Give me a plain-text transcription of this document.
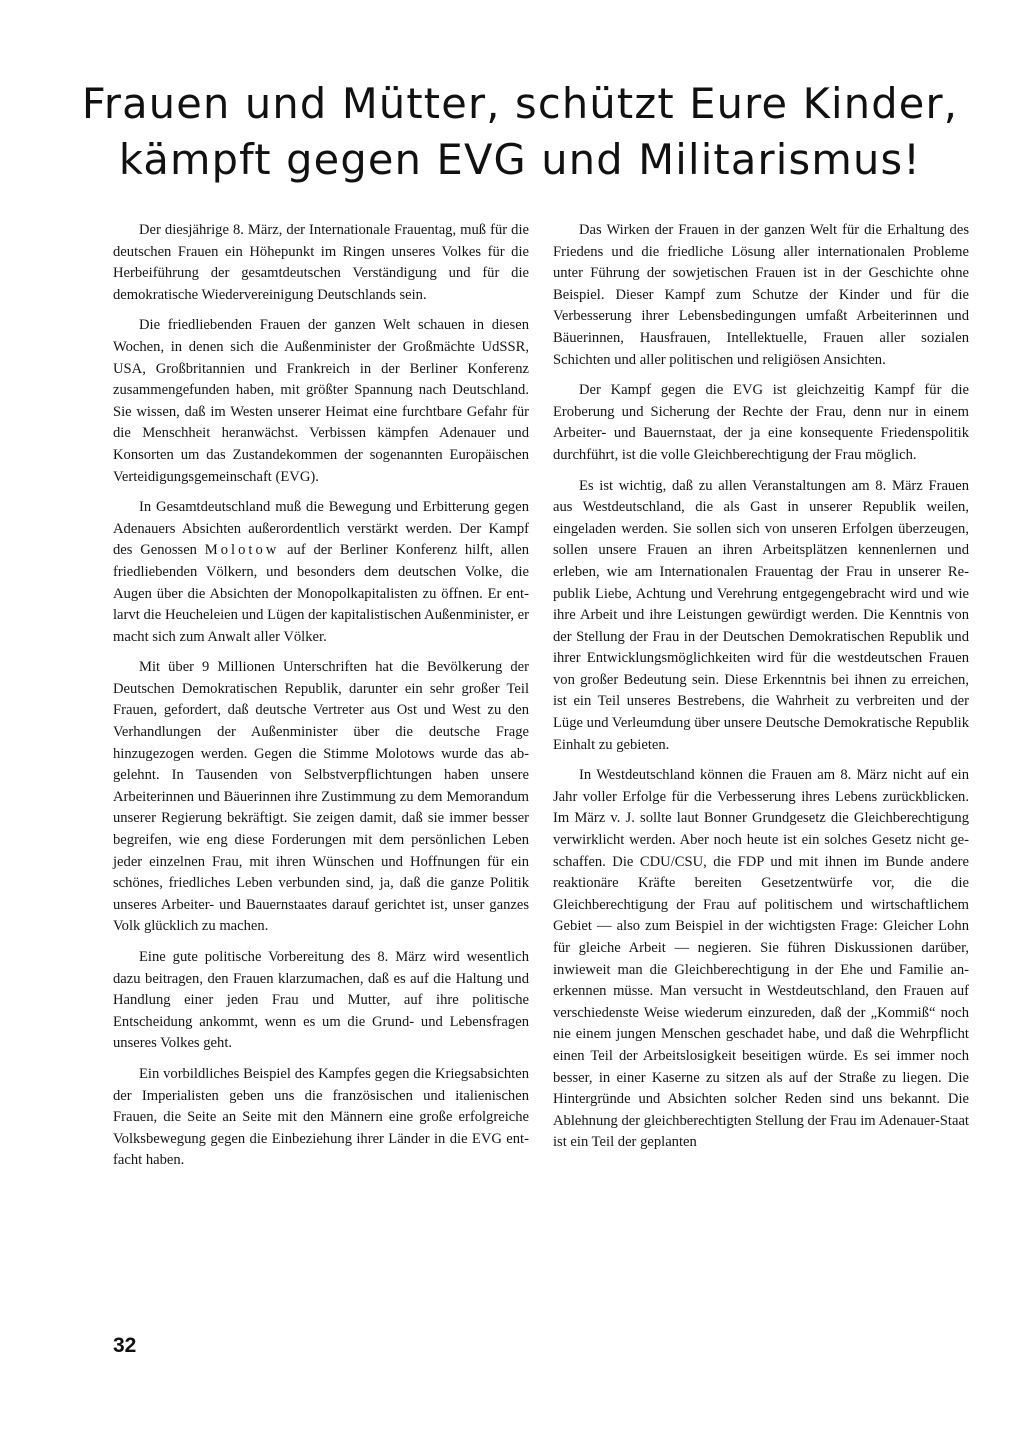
Frauen und Mütter, schützt Eure Kinder,
kämpft gegen EVG und Militarismus!

Der diesjährige 8. März, der Internationale Frauentag, muß für die deutschen Frauen ein Höhepunkt im Ringen unseres Volkes für die Herbeiführung der gesamtdeutschen Verständigung und für die demokratische Wiedervereinigung Deutschlands sein.

Die friedliebenden Frauen der ganzen Welt schauen in diesen Wochen, in denen sich die Außenminister der Großmächte UdSSR, USA, Großbritannien und Frankreich in der Berliner Konferenz zusammengefunden haben, mit größter Spannung nach Deutschland. Sie wissen, daß im Westen unserer Heimat eine furchtbare Gefahr für die Menschheit heranwächst. Verbissen kämpfen Adenauer und Konsorten um das Zustandekommen der sogenannten Europäischen Verteidigungsgemeinschaft (EVG).

In Gesamtdeutschland muß die Bewegung und Erbitterung gegen Adenauers Absichten außerordentlich verstärkt werden. Der Kampf des Genossen Molotow auf der Berliner Konferenz hilft, allen friedliebenden Völkern, und besonders dem deutschen Volke, die Augen über die Absichten der Monopolkapitalisten zu öffnen. Er entlarvt die Heucheleien und Lügen der kapitalistischen Außenminister, er macht sich zum Anwalt aller Völker.

Mit über 9 Millionen Unterschriften hat die Bevölkerung der Deutschen Demokratischen Republik, darunter ein sehr großer Teil Frauen, gefordert, daß deutsche Vertreter aus Ost und West zu den Verhandlungen der Außenminister über die deutsche Frage hinzugezogen werden. Gegen die Stimme Molotows wurde das abgelehnt. In Tausenden von Selbstverpflichtungen haben unsere Arbeiterinnen und Bäuerinnen ihre Zustimmung zu dem Memorandum unserer Regierung bekräftigt. Sie zeigen damit, daß sie immer besser begreifen, wie eng diese Forderungen mit dem persönlichen Leben jeder einzelnen Frau, mit ihren Wünschen und Hoffnungen für ein schönes, friedliches Leben verbunden sind, ja, daß die ganze Politik unseres Arbeiter- und Bauernstaates darauf gerichtet ist, unser ganzes Volk glücklich zu machen.

Eine gute politische Vorbereitung des 8. März wird wesentlich dazu beitragen, den Frauen klarzumachen, daß es auf die Haltung und Handlung einer jeden Frau und Mutter, auf ihre politische Entscheidung ankommt, wenn es um die Grund- und Lebensfragen unseres Volkes geht.

Ein vorbildliches Beispiel des Kampfes gegen die Kriegsabsichten der Imperialisten geben uns die französischen und italienischen Frauen, die Seite an Seite mit den Männern eine große erfolgreiche Volksbewegung gegen die Einbeziehung ihrer Länder in die EVG entfacht haben.

Das Wirken der Frauen in der ganzen Welt für die Erhaltung des Friedens und die friedliche Lösung aller internationalen Probleme unter Führung der sowjetischen Frauen ist in der Geschichte ohne Beispiel. Dieser Kampf zum Schutze der Kinder und für die Verbesserung ihrer Lebensbedingungen umfaßt Arbeiterinnen und Bäuerinnen, Hausfrauen, Intellektuelle, Frauen aller sozialen Schichten und aller politischen und religiösen Ansichten.

Der Kampf gegen die EVG ist gleichzeitig Kampf für die Eroberung und Sicherung der Rechte der Frau, denn nur in einem Arbeiter- und Bauernstaat, der ja eine konsequente Friedenspolitik durchführt, ist die volle Gleichberechtigung der Frau möglich.

Es ist wichtig, daß zu allen Veranstaltungen am 8. März Frauen aus Westdeutschland, die als Gast in unserer Republik weilen, eingeladen werden. Sie sollen sich von unseren Erfolgen überzeugen, sollen unsere Frauen an ihren Arbeitsplätzen kennenlernen und erleben, wie am Internationalen Frauentag der Frau in unserer Republik Liebe, Achtung und Verehrung entgegengebracht wird und wie ihre Arbeit und ihre Leistungen gewürdigt werden. Die Kenntnis von der Stellung der Frau in der Deutschen Demokratischen Republik und ihrer Entwicklungsmöglichkeiten wird für die westdeutschen Frauen von großer Bedeutung sein. Diese Erkenntnis bei ihnen zu erreichen, ist ein Teil unseres Bestrebens, die Wahrheit zu verbreiten und der Lüge und Verleumdung über unsere Deutsche Demokratische Republik Einhalt zu gebieten.

In Westdeutschland können die Frauen am 8. März nicht auf ein Jahr voller Erfolge für die Verbesserung ihres Lebens zurückblicken. Im März v. J. sollte laut Bonner Grundgesetz die Gleichberechtigung verwirklicht werden. Aber noch heute ist ein solches Gesetz nicht geschaffen. Die CDU/CSU, die FDP und mit ihnen im Bunde andere reaktionäre Kräfte bereiten Gesetzentwürfe vor, die die Gleichberechtigung der Frau auf politischem und wirtschaftlichem Gebiet — also zum Beispiel in der wichtigsten Frage: Gleicher Lohn für gleiche Arbeit — negieren. Sie führen Diskussionen darüber, inwieweit man die Gleichberechtigung in der Ehe und Familie anerkennen müsse. Man versucht in Westdeutschland, den Frauen auf verschiedenste Weise wiederum einzureden, daß der „Kommiß“ noch nie einem jungen Menschen geschadet habe, und daß die Wehrpflicht einen Teil der Arbeitslosigkeit beseitigen würde. Es sei immer noch besser, in einer Kaserne zu sitzen als auf der Straße zu liegen. Die Hintergründe und Absichten solcher Reden sind uns bekannt. Die Ablehnung der gleichberechtigten Stellung der Frau im Adenauer-Staat ist ein Teil der geplanten

32
